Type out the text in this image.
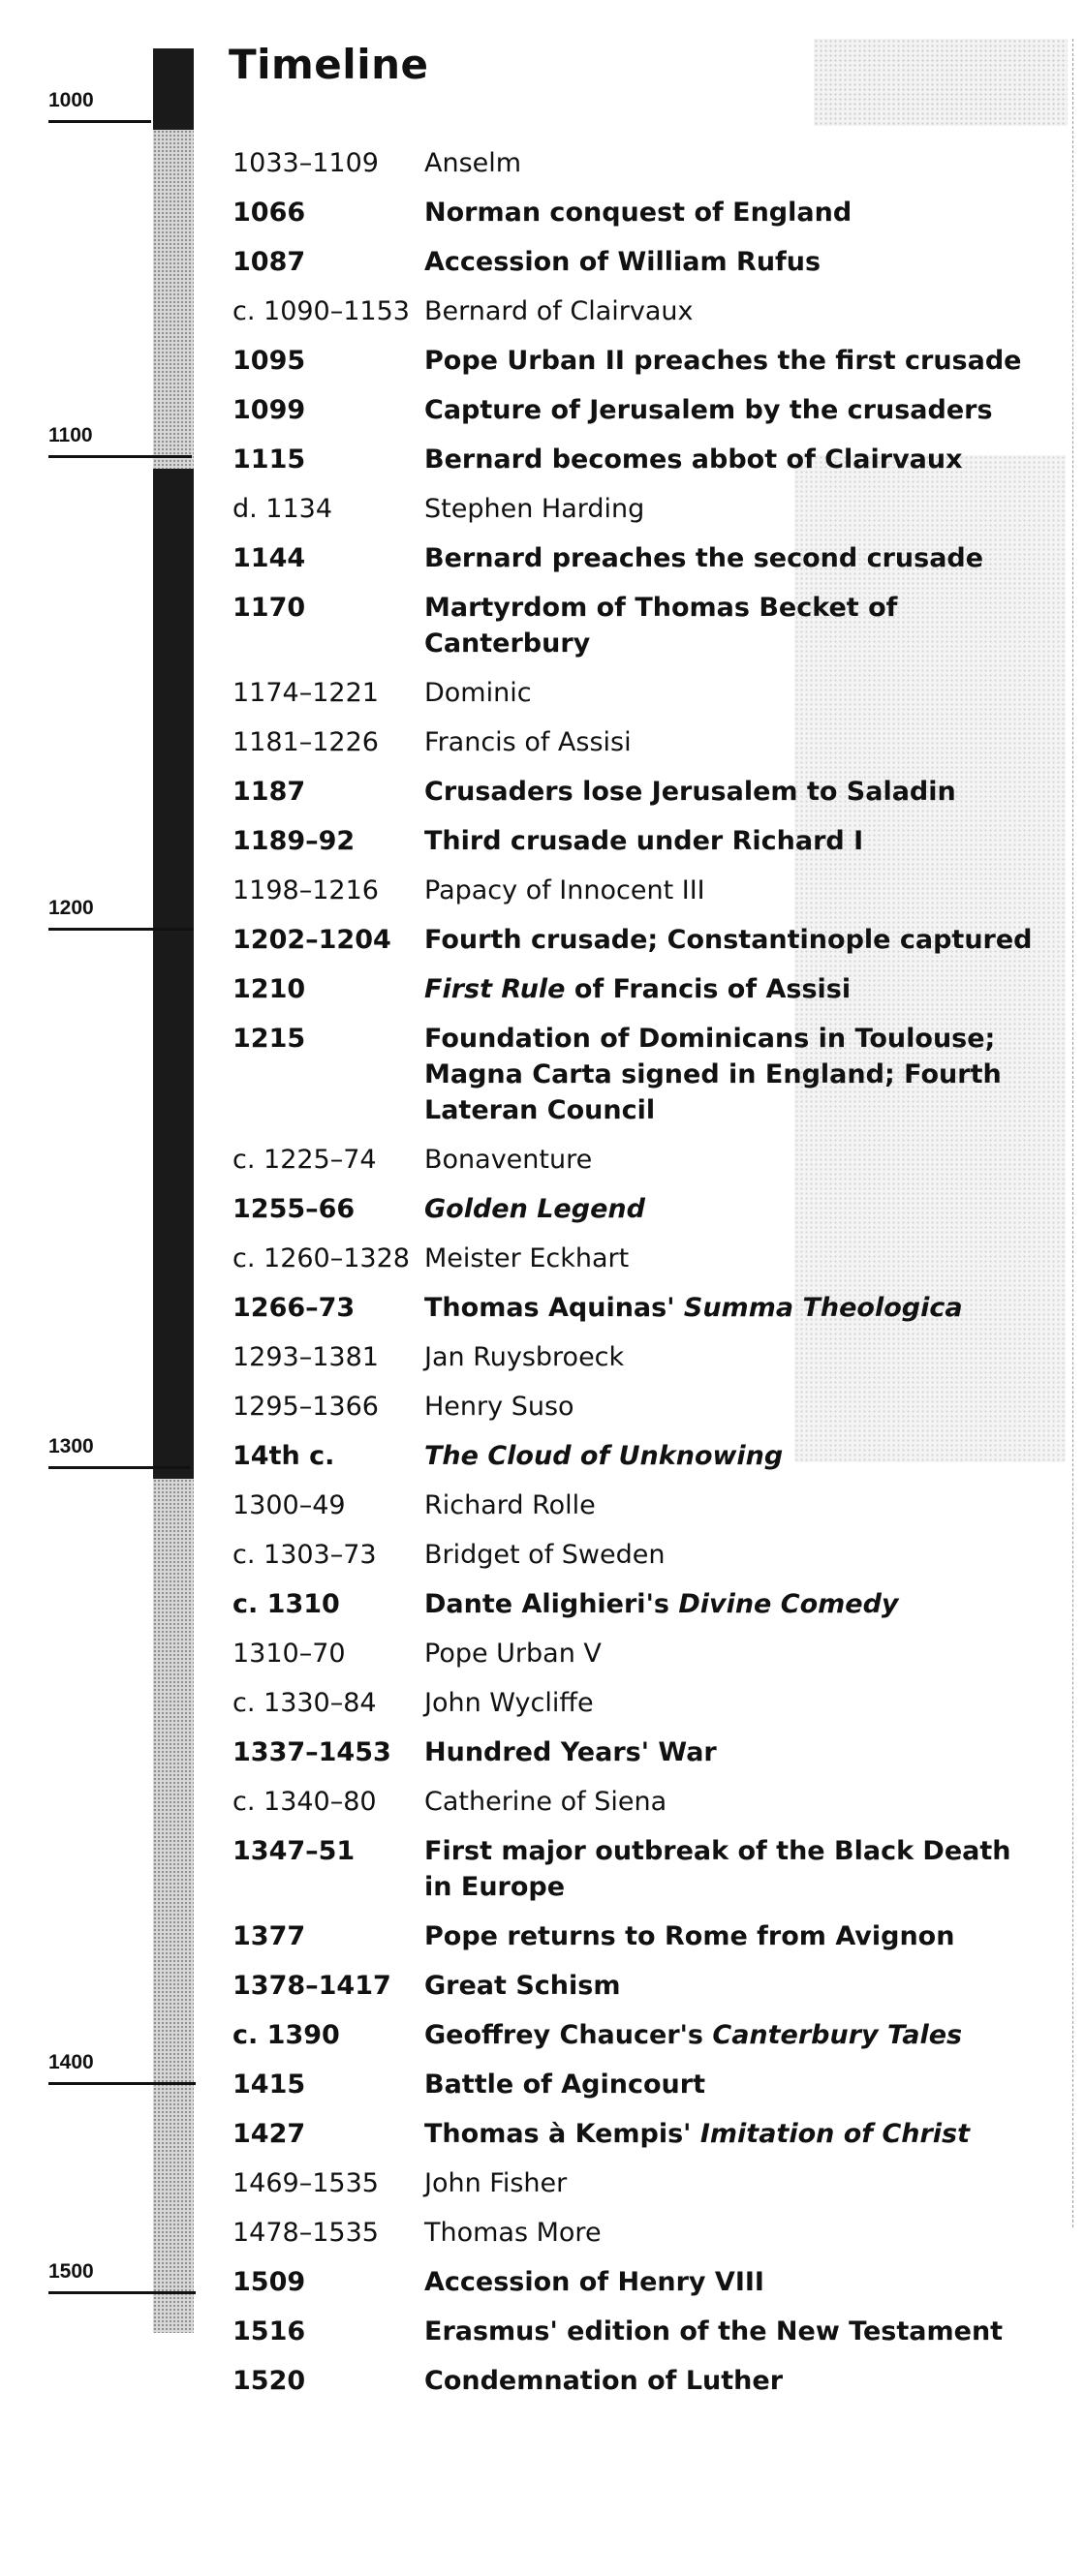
1000
1100
1200
1300
1400
1500
Timeline
1033–1109	Anselm
1066	Norman conquest of England
1087	Accession of William Rufus
c. 1090–1153 Bernard of Clairvaux
1095	Pope Urban II preaches the first crusade
1099	Capture of Jerusalem by the crusaders
1115	Bernard becomes abbot of Clairvaux
d. 1134	Stephen Harding
1144	Bernard preaches the second crusade
1170	Martyrdom of Thomas Becket of Canterbury
1174–1221	Dominic
1181–1226	Francis of Assisi
1187	Crusaders lose Jerusalem to Saladin
1189–92	Third crusade under Richard I
1198–1216	Papacy of Innocent III
1202–1204	Fourth crusade; Constantinople captured
1210	First Rule of Francis of Assisi
1215	Foundation of Dominicans in Toulouse; Magna Carta signed in England; Fourth Lateran Council
c. 1225–74	Bonaventure
1255–66	Golden Legend
c. 1260–1328 Meister Eckhart
1266–73	Thomas Aquinas' Summa Theologica
1293–1381	Jan Ruysbroeck
1295–1366	Henry Suso
14th c.	The Cloud of Unknowing
1300–49	Richard Rolle
c. 1303–73	Bridget of Sweden
c. 1310	Dante Alighieri's Divine Comedy
1310–70	Pope Urban V
c. 1330–84	John Wycliffe
1337–1453	Hundred Years' War
c. 1340–80	Catherine of Siena
1347–51	First major outbreak of the Black Death in Europe
1377	Pope returns to Rome from Avignon
1378–1417	Great Schism
c. 1390	Geoffrey Chaucer's Canterbury Tales
1415	Battle of Agincourt
1427	Thomas à Kempis' Imitation of Christ
1469–1535	John Fisher
1478–1535	Thomas More
1509	Accession of Henry VIII
1516	Erasmus' edition of the New Testament
1520	Condemnation of Luther
